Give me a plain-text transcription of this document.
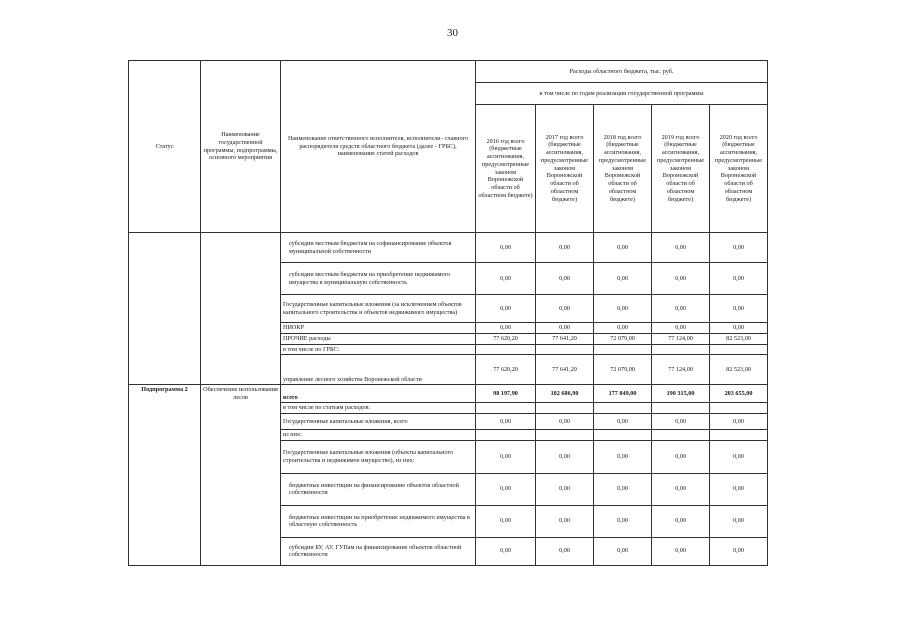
30
Статус	Наименование государственной программы, подпрограммы, основного мероприятия	Наименование ответственного исполнителя, исполнителя - главного распорядителя средств областного бюджета (далее - ГРБС), наименование статей расходов	Расходы областного бюджета, тыс. руб.				
			в том числе по годам реализации государственной программы				
			2016 год всего (бюджетные ассигнования, предусмотренные законом Воронежской области об областном бюджете)	2017 год всего (бюджетные ассигнования, предусмотренные законом Воронежской области об областном бюджете)	2018 год всего (бюджетные ассигнования, предусмотренные законом Воронежской области об областном бюджете)	2019 год всего (бюджетные ассигнования, предусмотренные законом Воронежской области об областном бюджете)	2020 год всего (бюджетные ассигнования, предусмотренные законом Воронежской области об областном бюджете)
		субсидии местным бюджетам на софинансирование объектов муниципальной собственности	0,00	0,00	0,00	0,00	0,00
		субсидии местным бюджетам на приобретение недвижимого имущества в муниципальную собственность	0,00	0,00	0,00	0,00	0,00
		Государственные капитальные вложения (за исключением объектов капитального строительства и объектов недвижимого имущества)	0,00	0,00	0,00	0,00	0,00
		НИОКР	0,00	0,00	0,00	0,00	0,00
		ПРОЧИЕ расходы	77 620,20	77 641,20	72 079,00	77 124,00	82 523,00
		в том числе по ГРБС:					
		управление лесного хозяйства Воронежской области	77 620,20	77 641,20	72 079,00	77 124,00	82 523,00
Подпрограмма 2	Обеспечение использования лесов	всего	98 197,90	102 686,90	177 849,00	190 315,00	203 655,00
		в том числе по статьям расходов:					
		Государственные капитальные вложения, всего	0,00	0,00	0,00	0,00	0,00
		из них:					
		Государственные капитальные вложения (объекты капитального строительства и недвижимое имущество), из них:	0,00	0,00	0,00	0,00	0,00
		бюджетные инвестиции на финансирование объектов областной собственности	0,00	0,00	0,00	0,00	0,00
		бюджетные инвестиции на приобретение недвижимого имущества в областную собственность	0,00	0,00	0,00	0,00	0,00
		субсидии БУ, АУ, ГУПам на финансирование объектов областной собственности	0,00	0,00	0,00	0,00	0,00
